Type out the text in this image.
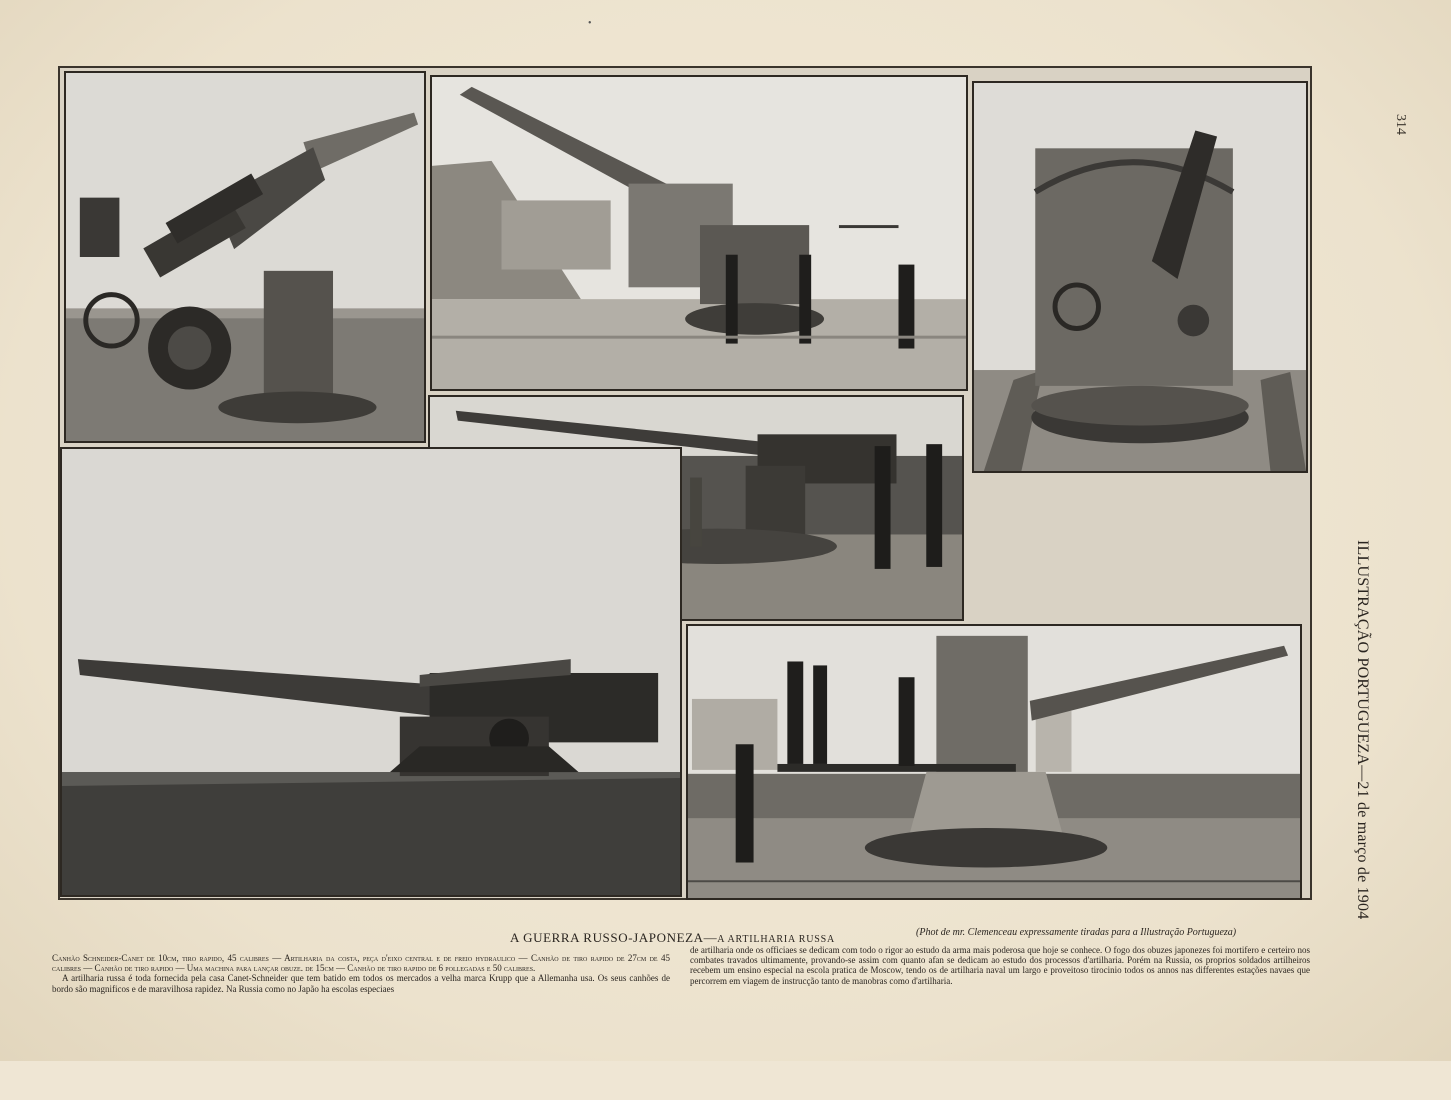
•
ILLUSTRAÇÃO PORTUGUEZA—21 de março de 1904
314
A GUERRA RUSSO-JAPONEZA—A ARTILHARIA RUSSA
(Phot de mr. Clemenceau expressamente tiradas para a Illustração Portugueza)

Canhão Schneider-Canet de 10cm, tiro rapido, 45 calibres — Artilharia da costa, peça d'eixo central e de freio hydraulico — Canhão de tiro rapido de 27cm de 45 calibres — Canhão de tiro rapido — Uma machina para lançar obuze. de 15cm — Canhão de tiro rapido de 6 pollegadas e 50 calibres.

A artilharia russa é toda fornecida pela casa Canet-Schneider que tem batido em todos os mercados a velha marca Krupp que a Allemanha usa. Os seus canhões de bordo são magnificos e de maravilhosa rapidez. Na Russia como no Japão ha escolas especiaes

de artilharia onde os officiaes se dedicam com todo o rigor ao estudo da arma mais poderosa que hoje se conhece. O fogo dos obuzes japonezes foi mortifero e certeiro nos combates travados ultimamente, provando-se assim com quanto afan se dedicam ao estudo dos processos d'artilharia. Porém na Russia, os proprios soldados artilheiros recebem um ensino especial na escola pratica de Moscow, tendo os de artilharia naval um largo e proveitoso tirocinio todos os annos nas differentes estações navaes que percorrem em viagem de instrucção tanto de manobras como d'artilharia.
